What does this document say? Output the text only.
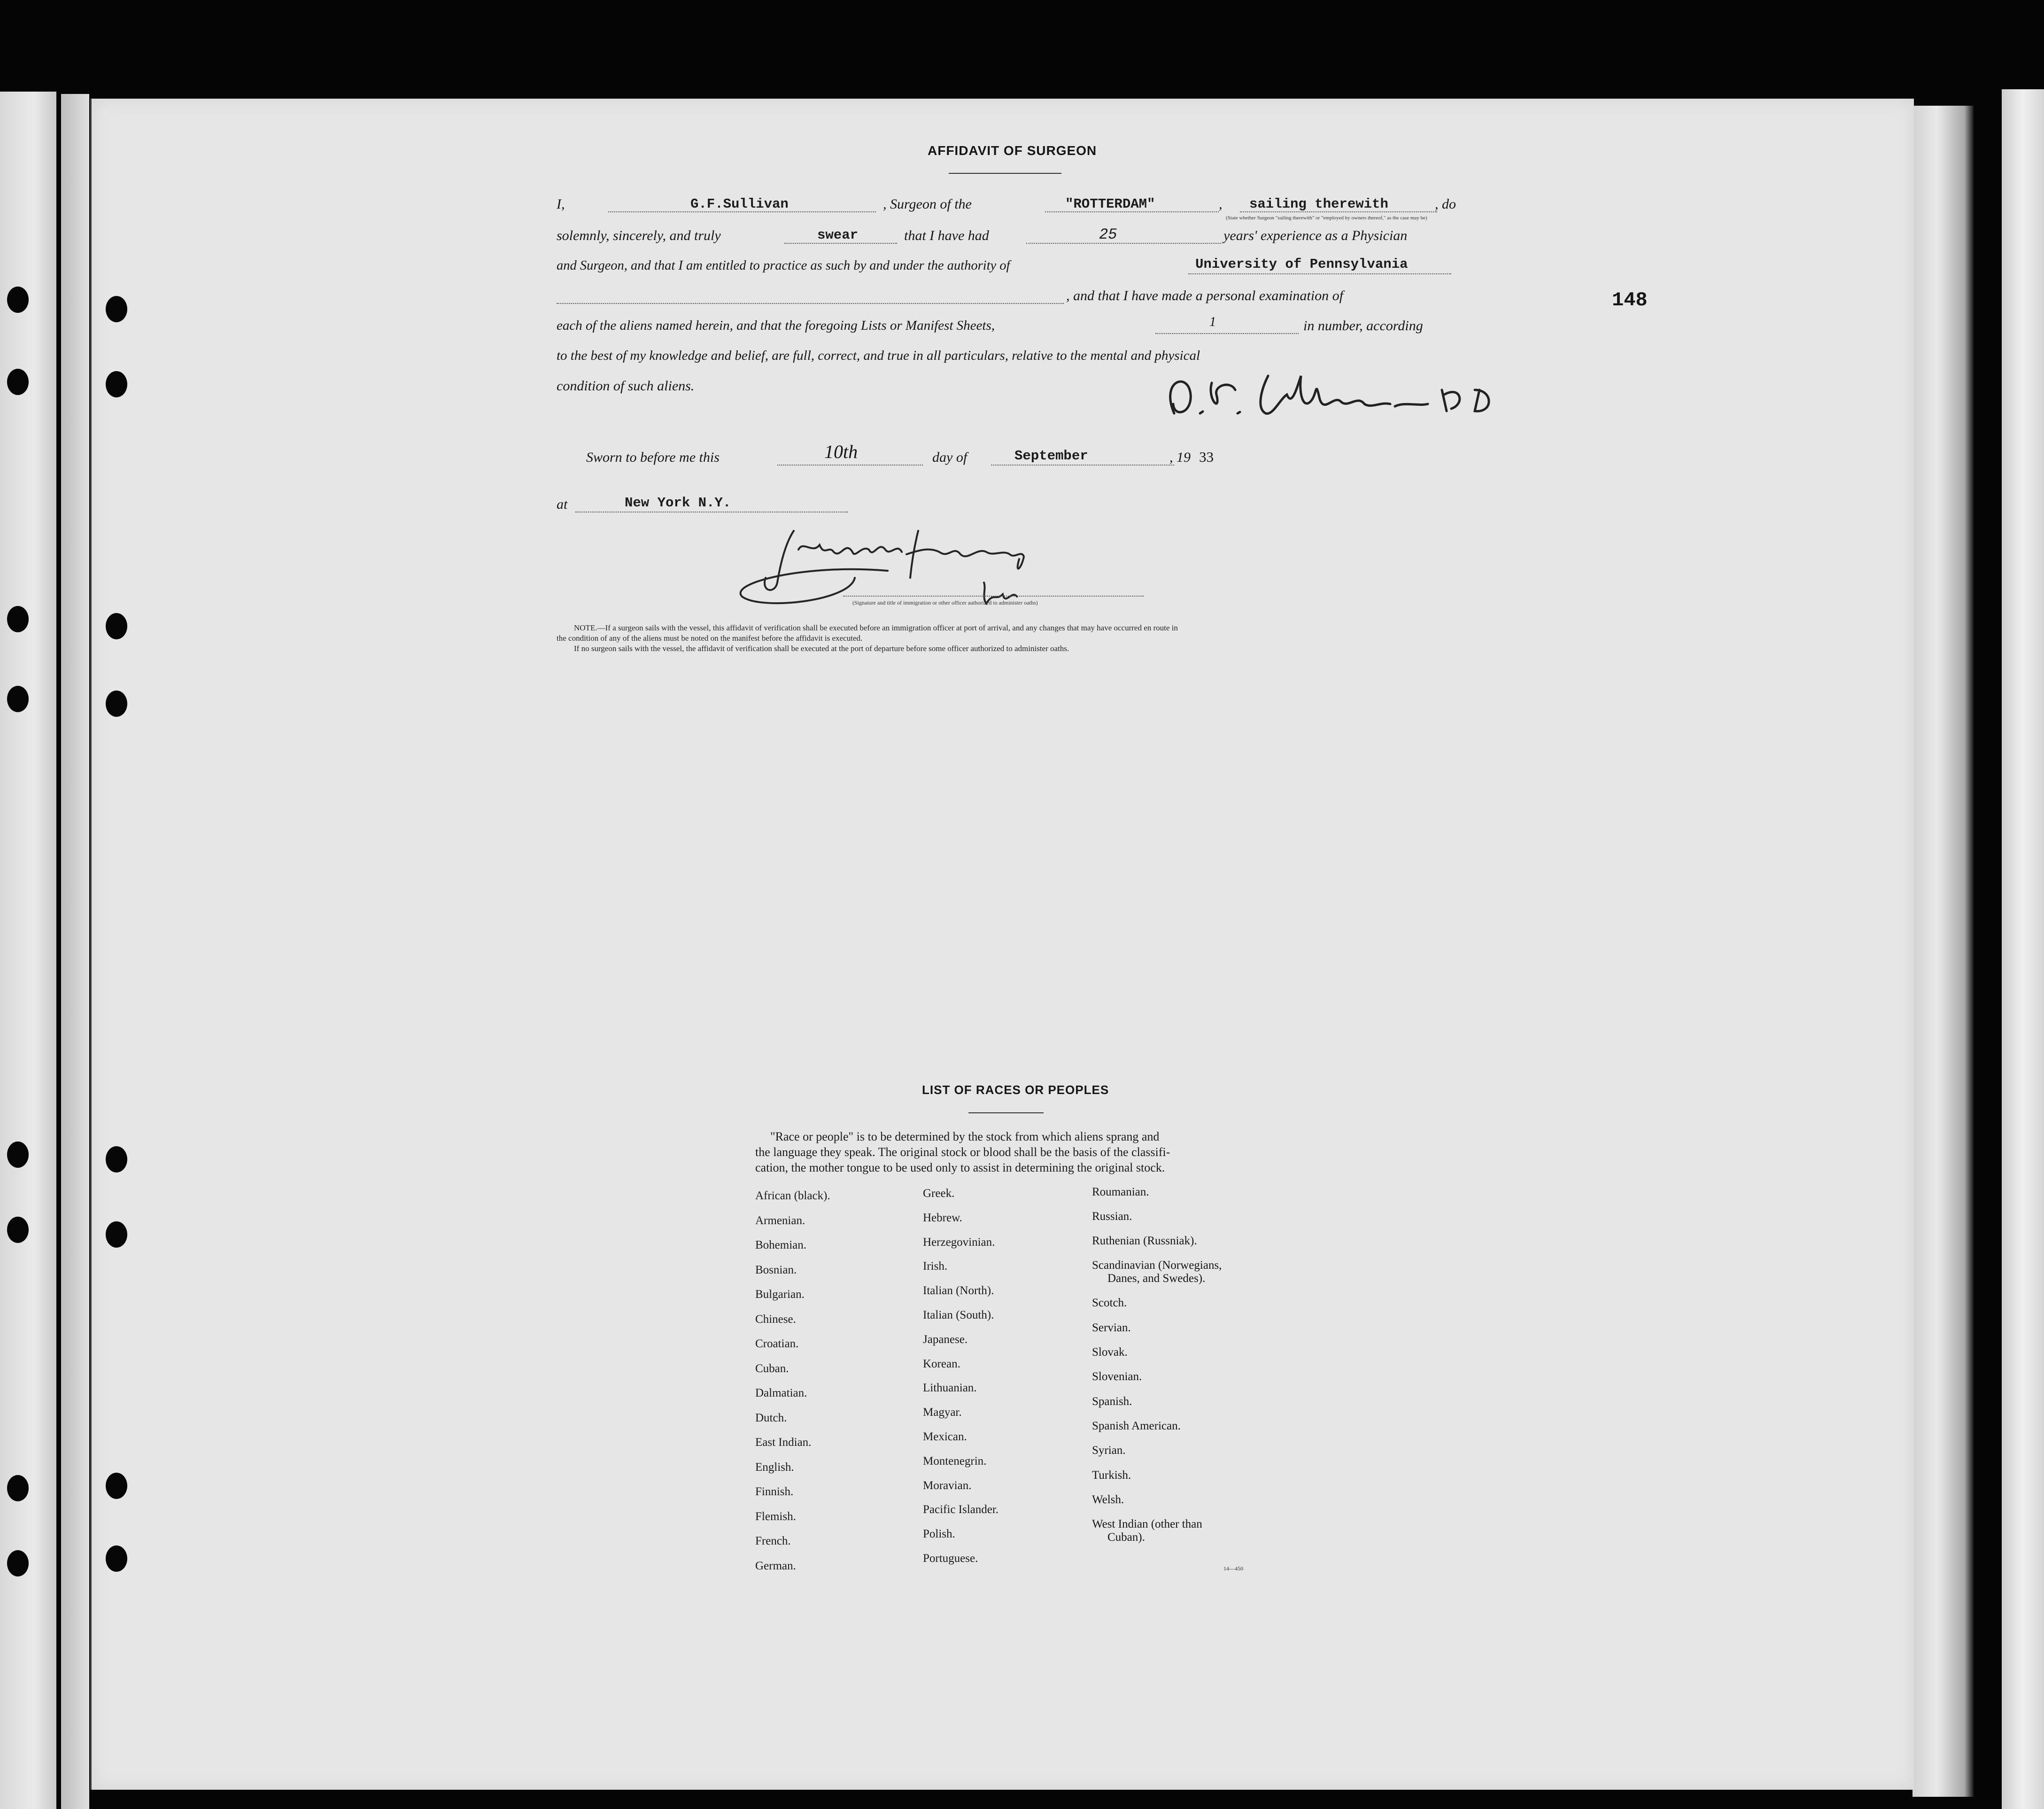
AFFIDAVIT OF SURGEON
I,	G.F.Sullivan	, Surgeon of the	"ROTTERDAM"	, sailing therewith	, do
(State whether Surgeon "sailing therewith" or "employed by owners thereof," as the case may be)
solemnly, sincerely, and truly	swear	that I have had	25	years' experience as a Physician
and Surgeon, and that I am entitled to practice as such by and under the authority of	University of Pennsylvania
, and that I have made a personal examination of
each of the aliens named herein, and that the foregoing Lists or Manifest Sheets,	1	in number, according
to the best of my knowledge and belief, are full, correct, and true in all particulars, relative to the mental and physical
condition of such aliens.
Sworn to before me this	10th	day of	September	, 19 33
at	New York N.Y.
(Signature and title of immigration or other officer authorized to administer oaths)
NOTE.—If a surgeon sails with the vessel, this affidavit of verification shall be executed before an immigration officer at port of arrival, and any changes that may have occurred en route in
the condition of any of the aliens must be noted on the manifest before the affidavit is executed.
If no surgeon sails with the vessel, the affidavit of verification shall be executed at the port of departure before some officer authorized to administer oaths.
148
LIST OF RACES OR PEOPLES
"Race or people" is to be determined by the stock from which aliens sprang and
the language they speak. The original stock or blood shall be the basis of the classifi-
cation, the mother tongue to be used only to assist in determining the original stock.
African (black).
Armenian.
Bohemian.
Bosnian.
Bulgarian.
Chinese.
Croatian.
Cuban.
Dalmatian.
Dutch.
East Indian.
English.
Finnish.
Flemish.
French.
German.
Greek.
Hebrew.
Herzegovinian.
Irish.
Italian (North).
Italian (South).
Japanese.
Korean.
Lithuanian.
Magyar.
Mexican.
Montenegrin.
Moravian.
Pacific Islander.
Polish.
Portuguese.
Roumanian.
Russian.
Ruthenian (Russniak).
Scandinavian (Norwegians,
Danes, and Swedes).
Scotch.
Servian.
Slovak.
Slovenian.
Spanish.
Spanish American.
Syrian.
Turkish.
Welsh.
West Indian (other than
Cuban).
14—450
